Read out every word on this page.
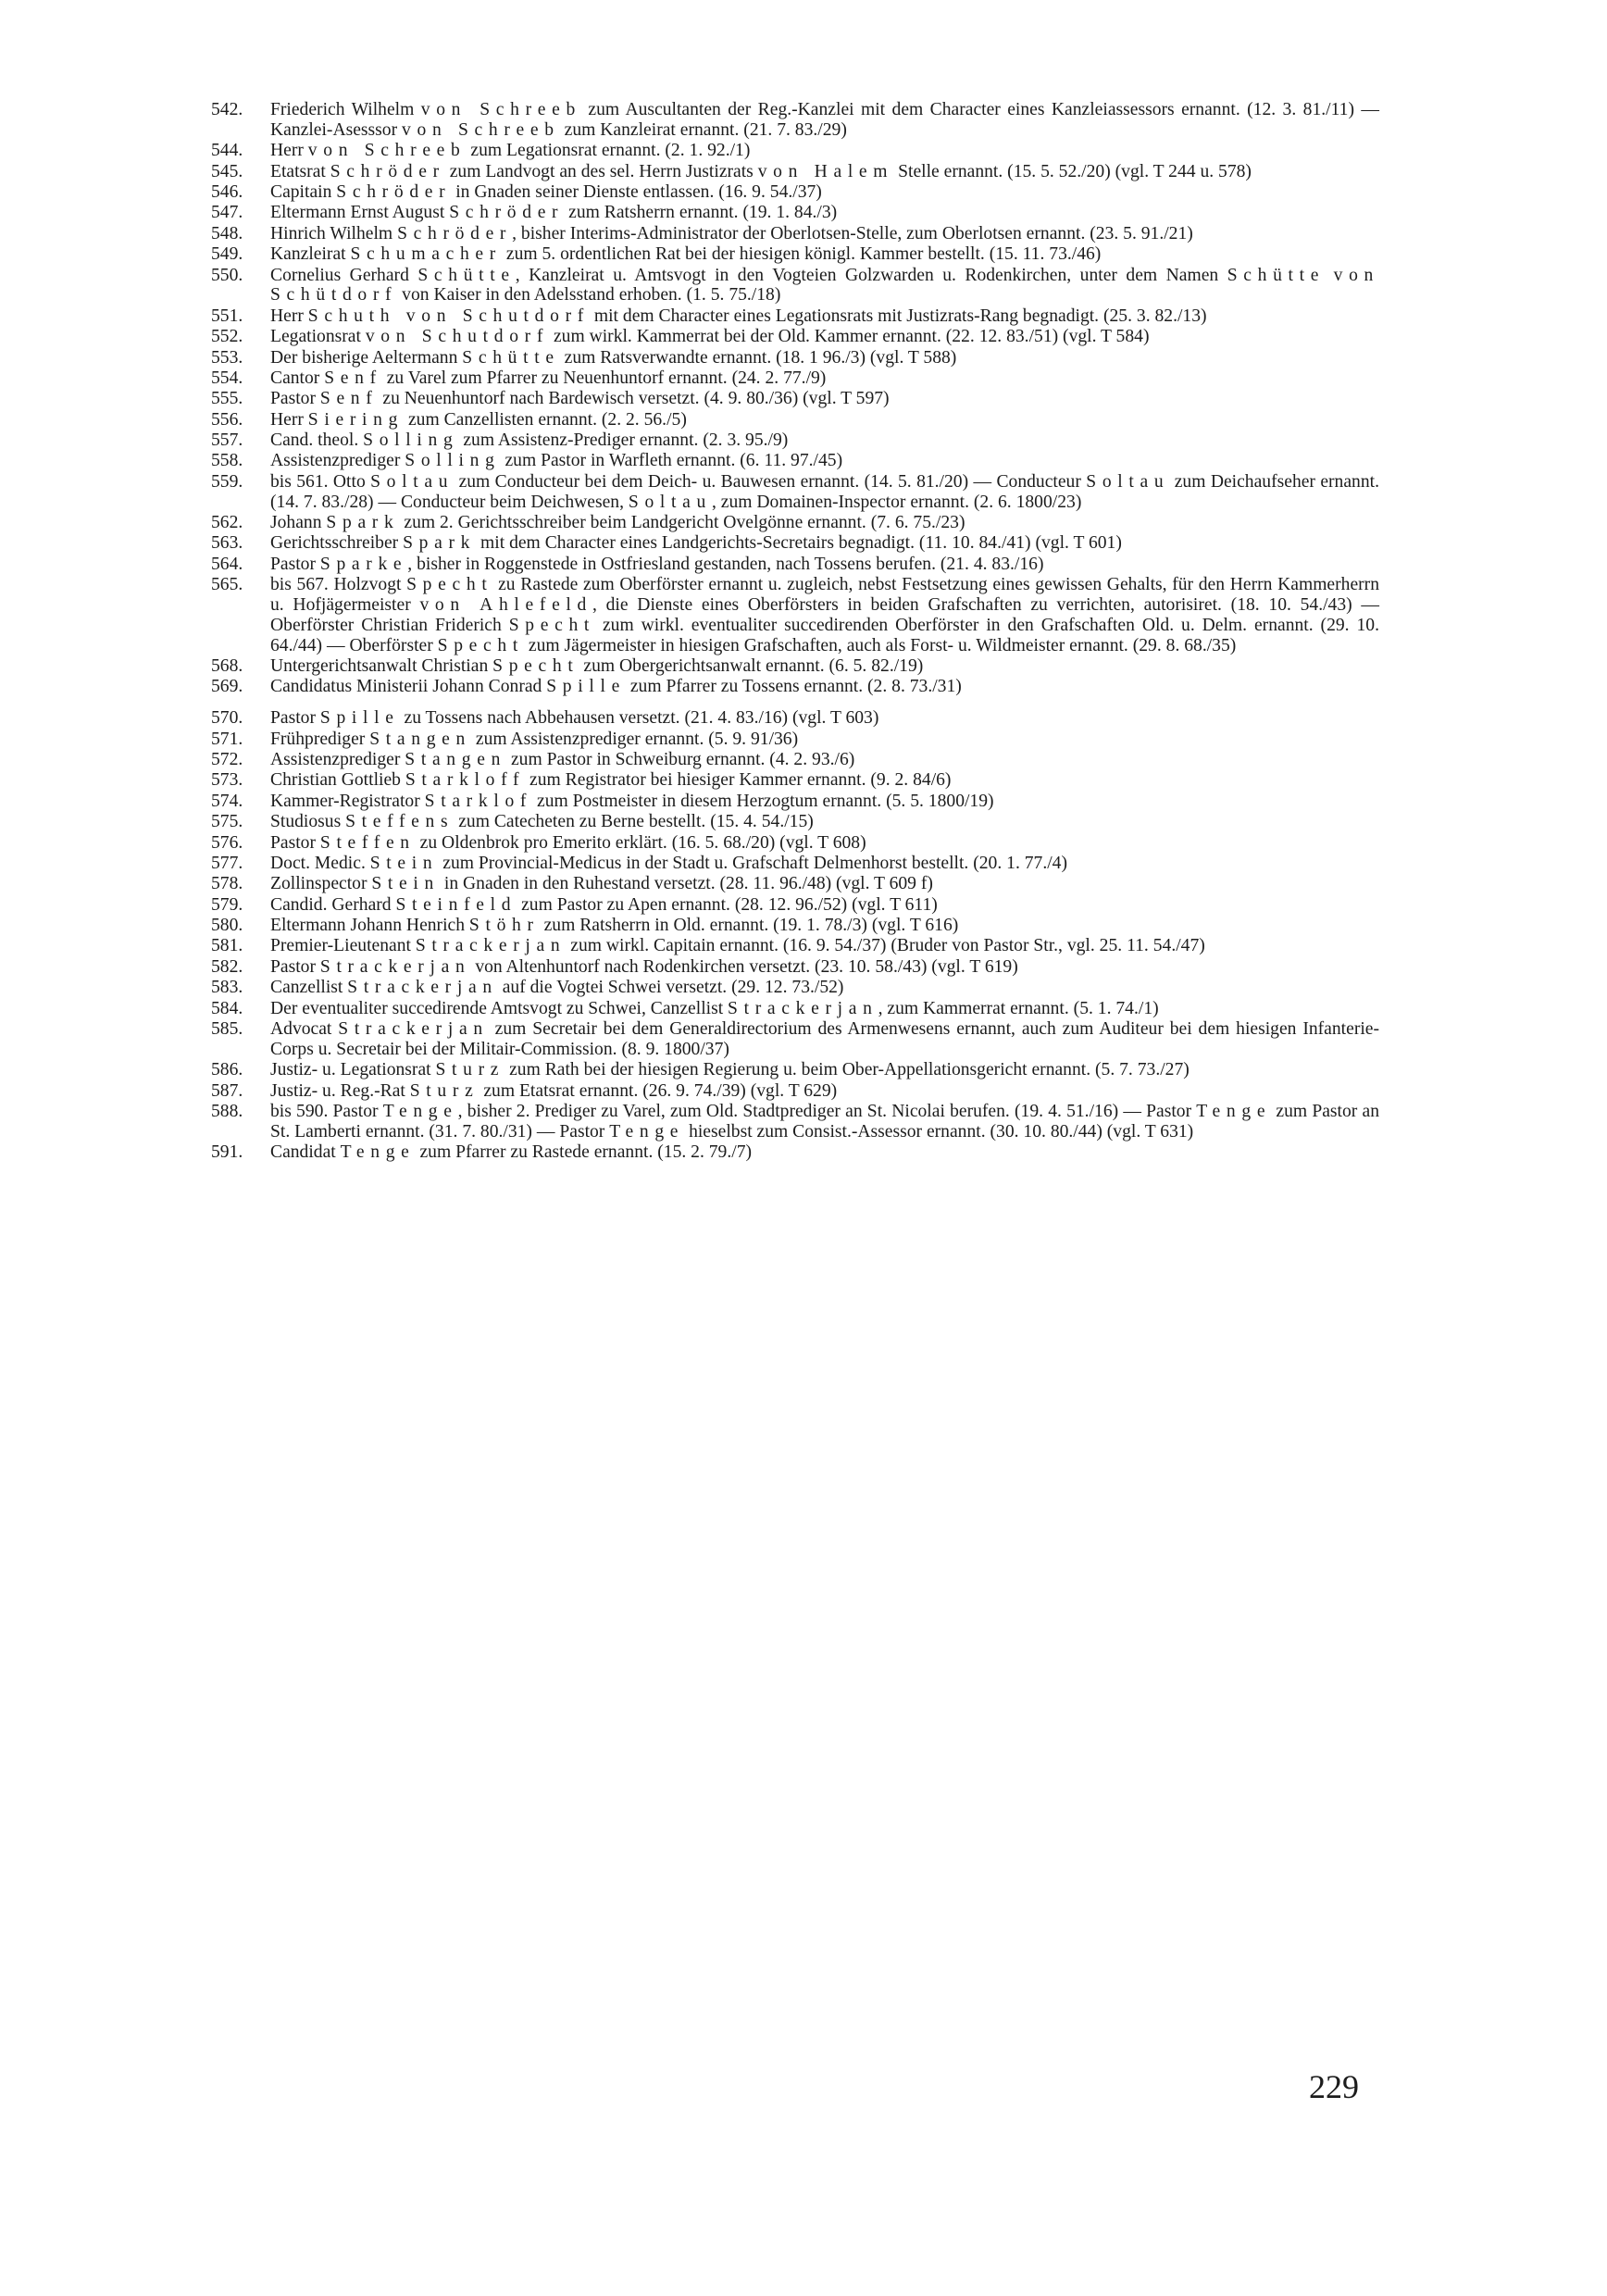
542.	Friederich Wilhelm von Schreeb zum Auscultanten der Reg.-Kanzlei mit dem Character eines Kanzleiassessors ernannt. (12. 3. 81./11) — Kanzlei-Asesssor von Schreeb zum Kanzleirat ernannt. (21. 7. 83./29)
544.	Herr von Schreeb zum Legationsrat ernannt. (2. 1. 92./1)
545.	Etatsrat Schröder zum Landvogt an des sel. Herrn Justizrats von Halem Stelle ernannt. (15. 5. 52./20) (vgl. T 244 u. 578)
546.	Capitain Schröder in Gnaden seiner Dienste entlassen. (16. 9. 54./37)
547.	Eltermann Ernst August Schröder zum Ratsherrn ernannt. (19. 1. 84./3)
548.	Hinrich Wilhelm Schröder, bisher Interims-Administrator der Oberlotsen-Stelle, zum Oberlotsen ernannt. (23. 5. 91./21)
549.	Kanzleirat Schumacher zum 5. ordentlichen Rat bei der hiesigen königl. Kammer bestellt. (15. 11. 73./46)
550.	Cornelius Gerhard Schütte, Kanzleirat u. Amtsvogt in den Vogteien Golzwarden u. Rodenkirchen, unter dem Namen Schütte von Schütdorf von Kaiser in den Adelsstand erhoben. (1. 5. 75./18)
551.	Herr Schuth von Schutdorf mit dem Character eines Legationsrats mit Justizrats-Rang begnadigt. (25. 3. 82./13)
552.	Legationsrat von Schutdorf zum wirkl. Kammerrat bei der Old. Kammer ernannt. (22. 12. 83./51) (vgl. T 584)
553.	Der bisherige Aeltermann Schütte zum Ratsverwandte ernannt. (18. 1 96./3) (vgl. T 588)
554.	Cantor Senf zu Varel zum Pfarrer zu Neuenhuntorf ernannt. (24. 2. 77./9)
555.	Pastor Senf zu Neuenhuntorf nach Bardewisch versetzt. (4. 9. 80./36) (vgl. T 597)
556.	Herr Siering zum Canzellisten ernannt. (2. 2. 56./5)
557.	Cand. theol. Solling zum Assistenz-Prediger ernannt. (2. 3. 95./9)
558.	Assistenzprediger Solling zum Pastor in Warfleth ernannt. (6. 11. 97./45)
559.	bis 561. Otto Soltau zum Conducteur bei dem Deich- u. Bauwesen ernannt. (14. 5. 81./20) — Conducteur Soltau zum Deichaufseher ernannt. (14. 7. 83./28) — Conducteur beim Deichwesen, Soltau, zum Domainen-Inspector ernannt. (2. 6. 1800/23)
562.	Johann Spark zum 2. Gerichtsschreiber beim Landgericht Ovelgönne ernannt. (7. 6. 75./23)
563.	Gerichtsschreiber Spark mit dem Character eines Landgerichts-Secretairs begnadigt. (11. 10. 84./41) (vgl. T 601)
564.	Pastor Sparke, bisher in Roggenstede in Ostfriesland gestanden, nach Tossens berufen. (21. 4. 83./16)
565.	bis 567. Holzvogt Specht zu Rastede zum Oberförster ernannt u. zugleich, nebst Festsetzung eines gewissen Gehalts, für den Herrn Kammerherrn u. Hofjägermeister von Ahlefeld, die Dienste eines Oberförsters in beiden Grafschaften zu verrichten, autorisiret. (18. 10. 54./43) — Oberförster Christian Friderich Specht zum wirkl. eventualiter succedirenden Oberförster in den Grafschaften Old. u. Delm. ernannt. (29. 10. 64./44) — Oberförster Specht zum Jägermeister in hiesigen Grafschaften, auch als Forst- u. Wildmeister ernannt. (29. 8. 68./35)
568.	Untergerichtsanwalt Christian Specht zum Obergerichtsanwalt ernannt. (6. 5. 82./19)
569.	Candidatus Ministerii Johann Conrad Spille zum Pfarrer zu Tossens ernannt. (2. 8. 73./31)
570.	Pastor Spille zu Tossens nach Abbehausen versetzt. (21. 4. 83./16) (vgl. T 603)
571.	Frühprediger Stangen zum Assistenzprediger ernannt. (5. 9. 91/36)
572.	Assistenzprediger Stangen zum Pastor in Schweiburg ernannt. (4. 2. 93./6)
573.	Christian Gottlieb Starkloff zum Registrator bei hiesiger Kammer ernannt. (9. 2. 84/6)
574.	Kammer-Registrator Starklof zum Postmeister in diesem Herzogtum ernannt. (5. 5. 1800/19)
575.	Studiosus Steffens zum Catecheten zu Berne bestellt. (15. 4. 54./15)
576.	Pastor Steffen zu Oldenbrok pro Emerito erklärt. (16. 5. 68./20) (vgl. T 608)
577.	Doct. Medic. Stein zum Provincial-Medicus in der Stadt u. Grafschaft Delmenhorst bestellt. (20. 1. 77./4)
578.	Zollinspector Stein in Gnaden in den Ruhestand versetzt. (28. 11. 96./48) (vgl. T 609 f)
579.	Candid. Gerhard Steinfeld zum Pastor zu Apen ernannt. (28. 12. 96./52) (vgl. T 611)
580.	Eltermann Johann Henrich Stöhr zum Ratsherrn in Old. ernannt. (19. 1. 78./3) (vgl. T 616)
581.	Premier-Lieutenant Strackerjan zum wirkl. Capitain ernannt. (16. 9. 54./37) (Bruder von Pastor Str., vgl. 25. 11. 54./47)
582.	Pastor Strackerjan von Altenhuntorf nach Rodenkirchen versetzt. (23. 10. 58./43) (vgl. T 619)
583.	Canzellist Strackerjan auf die Vogtei Schwei versetzt. (29. 12. 73./52)
584.	Der eventualiter succedirende Amtsvogt zu Schwei, Canzellist Strackerjan, zum Kammerrat ernannt. (5. 1. 74./1)
585.	Advocat Strackerjan zum Secretair bei dem Generaldirectorium des Armenwesens ernannt, auch zum Auditeur bei dem hiesigen Infanterie-Corps u. Secretair bei der Militair-Commission. (8. 9. 1800/37)
586.	Justiz- u. Legationsrat Sturz zum Rath bei der hiesigen Regierung u. beim Ober-Appellationsgericht ernannt. (5. 7. 73./27)
587.	Justiz- u. Reg.-Rat Sturz zum Etatsrat ernannt. (26. 9. 74./39) (vgl. T 629)
588.	bis 590. Pastor Tenge, bisher 2. Prediger zu Varel, zum Old. Stadtprediger an St. Nicolai berufen. (19. 4. 51./16) — Pastor Tenge zum Pastor an St. Lamberti ernannt. (31. 7. 80./31) — Pastor Tenge hieselbst zum Consist.-Assessor ernannt. (30. 10. 80./44) (vgl. T 631)
591.	Candidat Tenge zum Pfarrer zu Rastede ernannt. (15. 2. 79./7)
229
